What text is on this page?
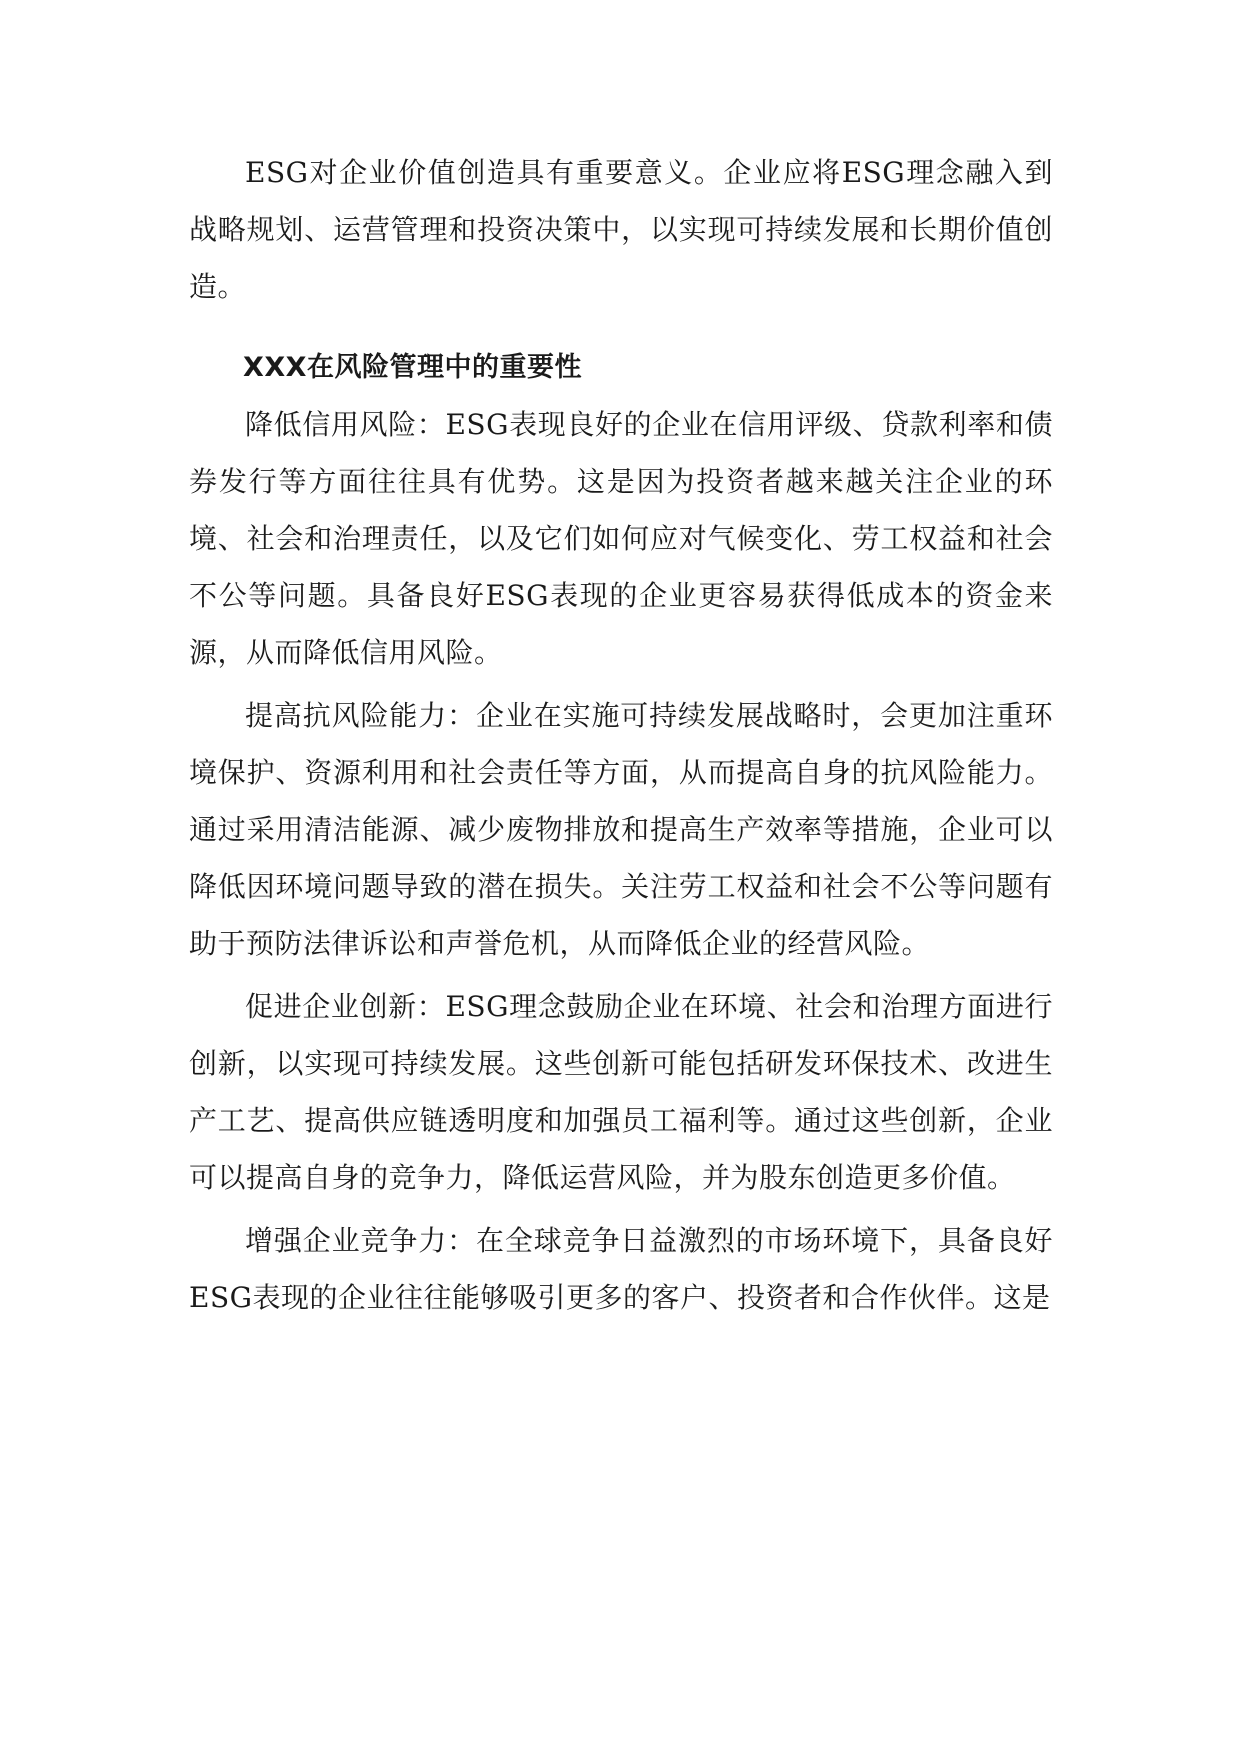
ESG对企业价值创造具有重要意义。企业应将ESG理念融入到战略规划、运营管理和投资决策中，以实现可持续发展和长期价值创造。

XXX在风险管理中的重要性

降低信用风险：ESG表现良好的企业在信用评级、贷款利率和债券发行等方面往往具有优势。这是因为投资者越来越关注企业的环境、社会和治理责任，以及它们如何应对气候变化、劳工权益和社会不公等问题。具备良好ESG表现的企业更容易获得低成本的资金来源，从而降低信用风险。

提高抗风险能力：企业在实施可持续发展战略时，会更加注重环境保护、资源利用和社会责任等方面，从而提高自身的抗风险能力。通过采用清洁能源、减少废物排放和提高生产效率等措施，企业可以降低因环境问题导致的潜在损失。关注劳工权益和社会不公等问题有助于预防法律诉讼和声誉危机，从而降低企业的经营风险。

促进企业创新：ESG理念鼓励企业在环境、社会和治理方面进行创新，以实现可持续发展。这些创新可能包括研发环保技术、改进生产工艺、提高供应链透明度和加强员工福利等。通过这些创新，企业可以提高自身的竞争力，降低运营风险，并为股东创造更多价值。

增强企业竞争力：在全球竞争日益激烈的市场环境下，具备良好ESG表现的企业往往能够吸引更多的客户、投资者和合作伙伴。这是
